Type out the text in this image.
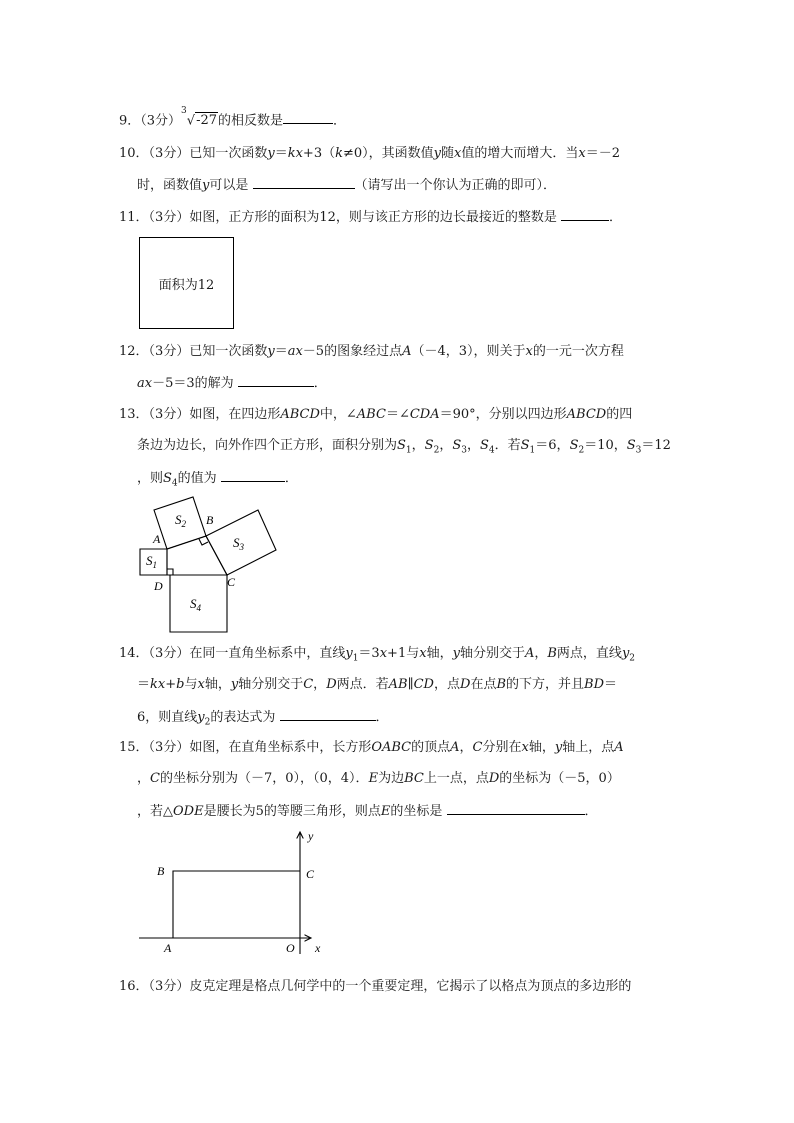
9．（3分）$^3$√-27的相反数是	．
10．（3分）已知一次函数y＝kx+3（k≠0），其函数值y随x值的增大而增大．当x＝－2
时，函数值y可以是	（请写出一个你认为正确的即可）．
11．（3分）如图，正方形的面积为12，则与该正方形的边长最接近的整数是	．
面积为12
12．（3分）已知一次函数y＝ax－5的图象经过点A（－4，3），则关于x的一元一次方程
ax－5＝3的解为	．
13．（3分）如图，在四边形ABCD中，∠ABC＝∠CDA＝90°，分别以四边形ABCD的四
条边为边长，向外作四个正方形，面积分别为$S_1$，$S_2$，$S_3$，$S_4$．若$S_1=6$，$S_2=10$，$S_3=12$
，则$S_4$的值为	．
$S_2$
$S_3$
$S_1$
$S_4$
A
B
C
D
14．（3分）在同一直角坐标系中，直线$y_1=3x+1$与x轴，y轴分别交于A，B两点，直线$y_2$
＝kx+b与x轴，y轴分别交于C，D两点．若AB∥CD，点D在点B的下方，并且BD＝
6，则直线$y_2$的表达式为	．
15．（3分）如图，在直角坐标系中，长方形OABC的顶点A，C分别在x轴，y轴上，点A
，C的坐标分别为（－7，0），（0，4）．E为边BC上一点，点D的坐标为（－5，0）
，若△ODE是腰长为5的等腰三角形，则点E的坐标是	．
B	C
A	O x
y
16．（3分）皮克定理是格点几何学中的一个重要定理，它揭示了以格点为顶点的多边形的
